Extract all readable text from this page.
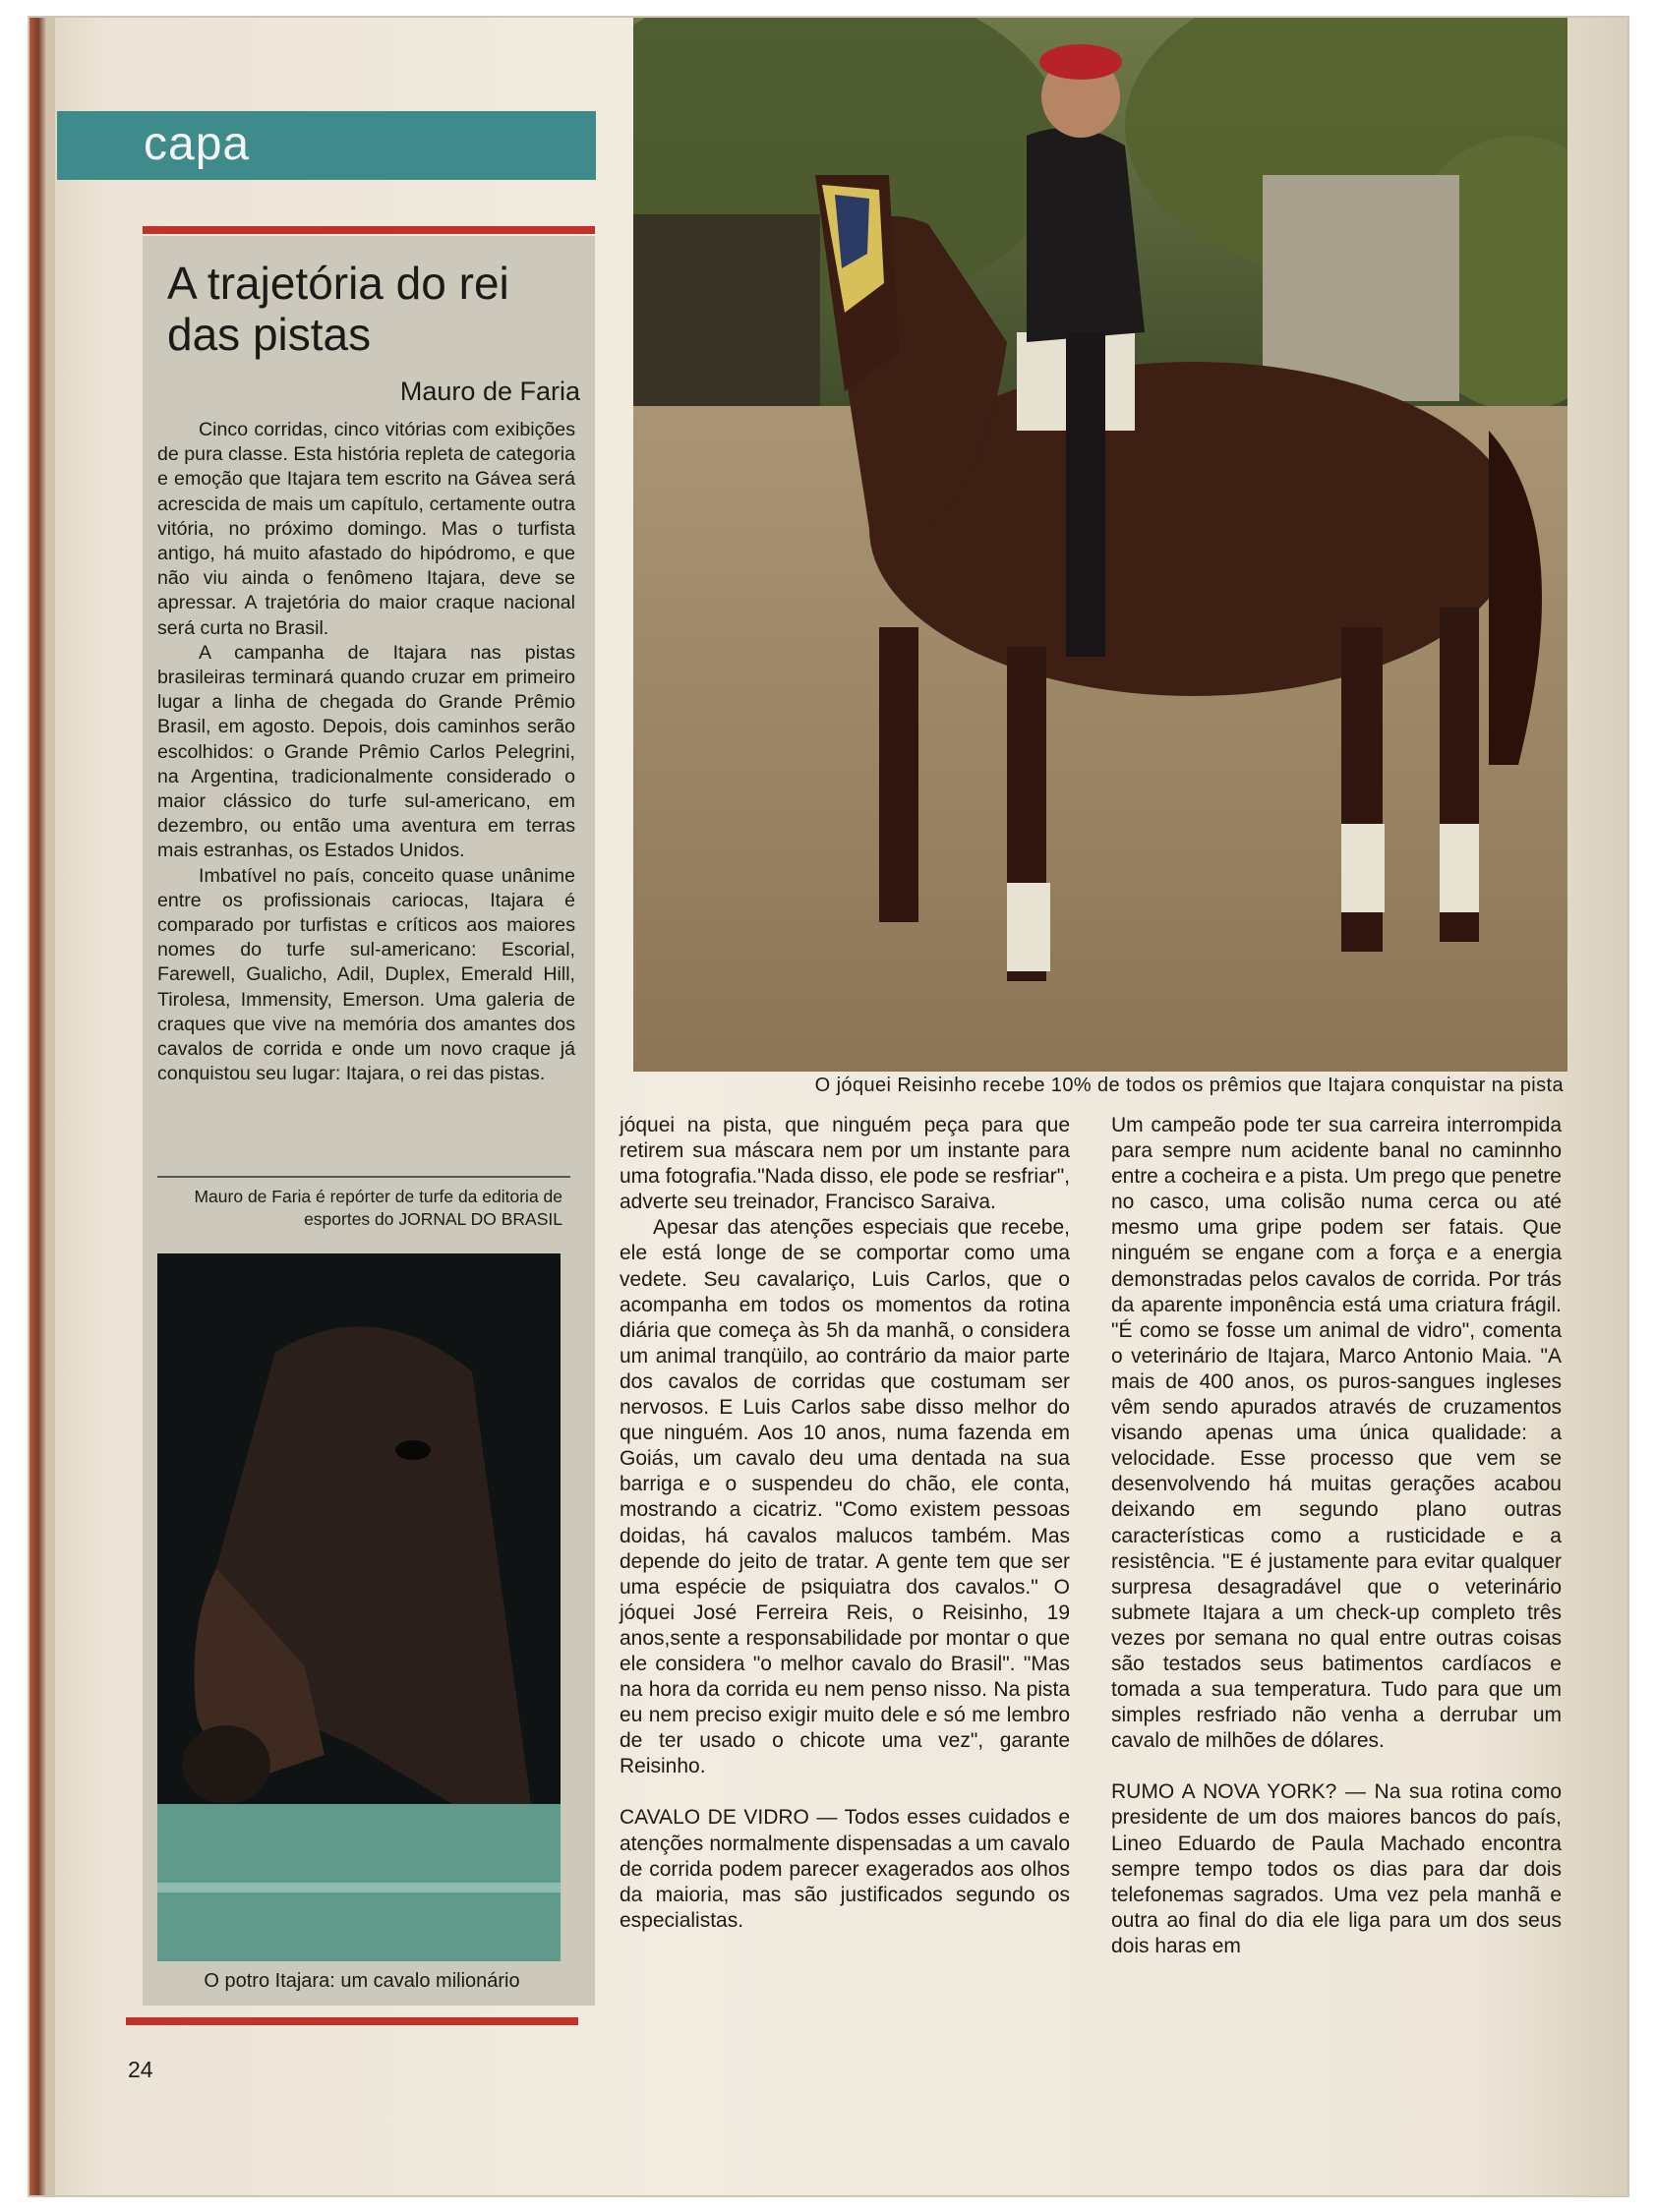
capa
A trajetória do rei das pistas
Mauro de Faria

Cinco corridas, cinco vitórias com exibições de pura classe. Esta história repleta de categoria e emoção que Itajara tem escrito na Gávea será acrescida de mais um capítulo, certamente outra vitória, no próximo domingo. Mas o turfista antigo, há muito afastado do hipódromo, e que não viu ainda o fenômeno Itajara, deve se apressar. A trajetória do maior craque nacional será curta no Brasil.

A campanha de Itajara nas pistas brasileiras terminará quando cruzar em primeiro lugar a linha de chegada do Grande Prêmio Brasil, em agosto. Depois, dois caminhos serão escolhidos: o Grande Prêmio Carlos Pelegrini, na Argentina, tradicionalmente considerado o maior clássico do turfe sul-americano, em dezembro, ou então uma aventura em terras mais estranhas, os Estados Unidos.

Imbatível no país, conceito quase unânime entre os profissionais cariocas, Itajara é comparado por turfistas e críticos aos maiores nomes do turfe sul-americano: Escorial, Farewell, Gualicho, Adil, Duplex, Emerald Hill, Tirolesa, Immensity, Emerson. Uma galeria de craques que vive na memória dos amantes dos cavalos de corrida e onde um novo craque já conquistou seu lugar: Itajara, o rei das pistas.

Mauro de Faria é repórter de turfe da editoria de esportes do JORNAL DO BRASIL
O jóquei Reisinho recebe 10% de todos os prêmios que Itajara conquistar na pista
O potro Itajara: um cavalo milionário

jóquei na pista, que ninguém peça para que retirem sua máscara nem por um instante para uma fotografia."Nada disso, ele pode se resfriar", adverte seu treinador, Francisco Saraiva.

Apesar das atenções especiais que recebe, ele está longe de se comportar como uma vedete. Seu cavalariço, Luis Carlos, que o acompanha em todos os momentos da rotina diária que começa às 5h da manhã, o considera um animal tranqüilo, ao contrário da maior parte dos cavalos de corridas que costumam ser nervosos. E Luis Carlos sabe disso melhor do que ninguém. Aos 10 anos, numa fazenda em Goiás, um cavalo deu uma dentada na sua barriga e o suspendeu do chão, ele conta, mostrando a cicatriz. "Como existem pessoas doidas, há cavalos malucos também. Mas depende do jeito de tratar. A gente tem que ser uma espécie de psiquiatra dos cavalos." O jóquei José Ferreira Reis, o Reisinho, 19 anos,sente a responsabilidade por montar o que ele considera "o melhor cavalo do Brasil". "Mas na hora da corrida eu nem penso nisso. Na pista eu nem preciso exigir muito dele e só me lembro de ter usado o chicote uma vez", garante Reisinho.

CAVALO DE VIDRO — Todos esses cuidados e atenções normalmente dispensadas a um cavalo de corrida podem parecer exagerados aos olhos da maioria, mas são justificados segundo os especialistas.

Um campeão pode ter sua carreira interrompida para sempre num acidente banal no caminnho entre a cocheira e a pista. Um prego que penetre no casco, uma colisão numa cerca ou até mesmo uma gripe podem ser fatais. Que ninguém se engane com a força e a energia demonstradas pelos cavalos de corrida. Por trás da aparente imponência está uma criatura frágil. "É como se fosse um animal de vidro", comenta o veterinário de Itajara, Marco Antonio Maia. "A mais de 400 anos, os puros-sangues ingleses vêm sendo apurados através de cruzamentos visando apenas uma única qualidade: a velocidade. Esse processo que vem se desenvolvendo há muitas gerações acabou deixando em segundo plano outras características como a rusticidade e a resistência. "E é justamente para evitar qualquer surpresa desagradável que o veterinário submete Itajara a um check-up completo três vezes por semana no qual entre outras coisas são testados seus batimentos cardíacos e tomada a sua temperatura. Tudo para que um simples resfriado não venha a derrubar um cavalo de milhões de dólares.

RUMO A NOVA YORK? — Na sua rotina como presidente de um dos maiores bancos do país, Lineo Eduardo de Paula Machado encontra sempre tempo todos os dias para dar dois telefonemas sagrados. Uma vez pela manhã e outra ao final do dia ele liga para um dos seus dois haras em

24
